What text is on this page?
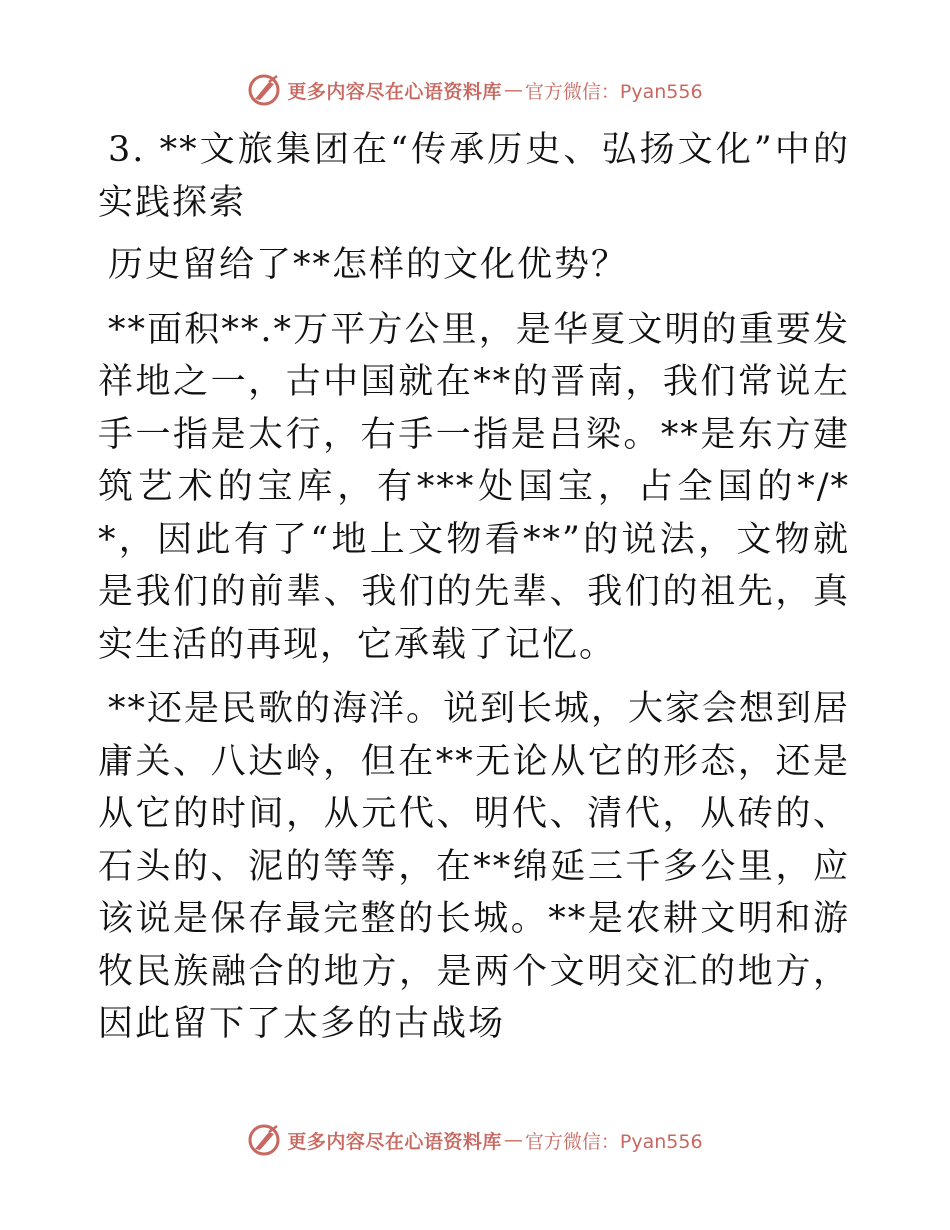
更多内容尽在心语资料库 — 官方微信：Pyan556

3. **文旅集团在“传承历史、弘扬文化”中的实践探索

历史留给了**怎样的文化优势？

**面积**.*万平方公里，是华夏文明的重要发祥地之一，古中国就在**的晋南，我们常说左手一指是太行，右手一指是吕梁。**是东方建筑艺术的宝库，有***处国宝，占全国的*/**，因此有了“地上文物看**”的说法，文物就是我们的前辈、我们的先辈、我们的祖先，真实生活的再现，它承载了记忆。

**还是民歌的海洋。说到长城，大家会想到居庸关、八达岭，但在**无论从它的形态，还是从它的时间，从元代、明代、清代，从砖的、石头的、泥的等等，在**绵延三千多公里，应该说是保存最完整的长城。**是农耕文明和游牧民族融合的地方，是两个文明交汇的地方，因此留下了太多的古战场

更多内容尽在心语资料库 — 官方微信：Pyan556
